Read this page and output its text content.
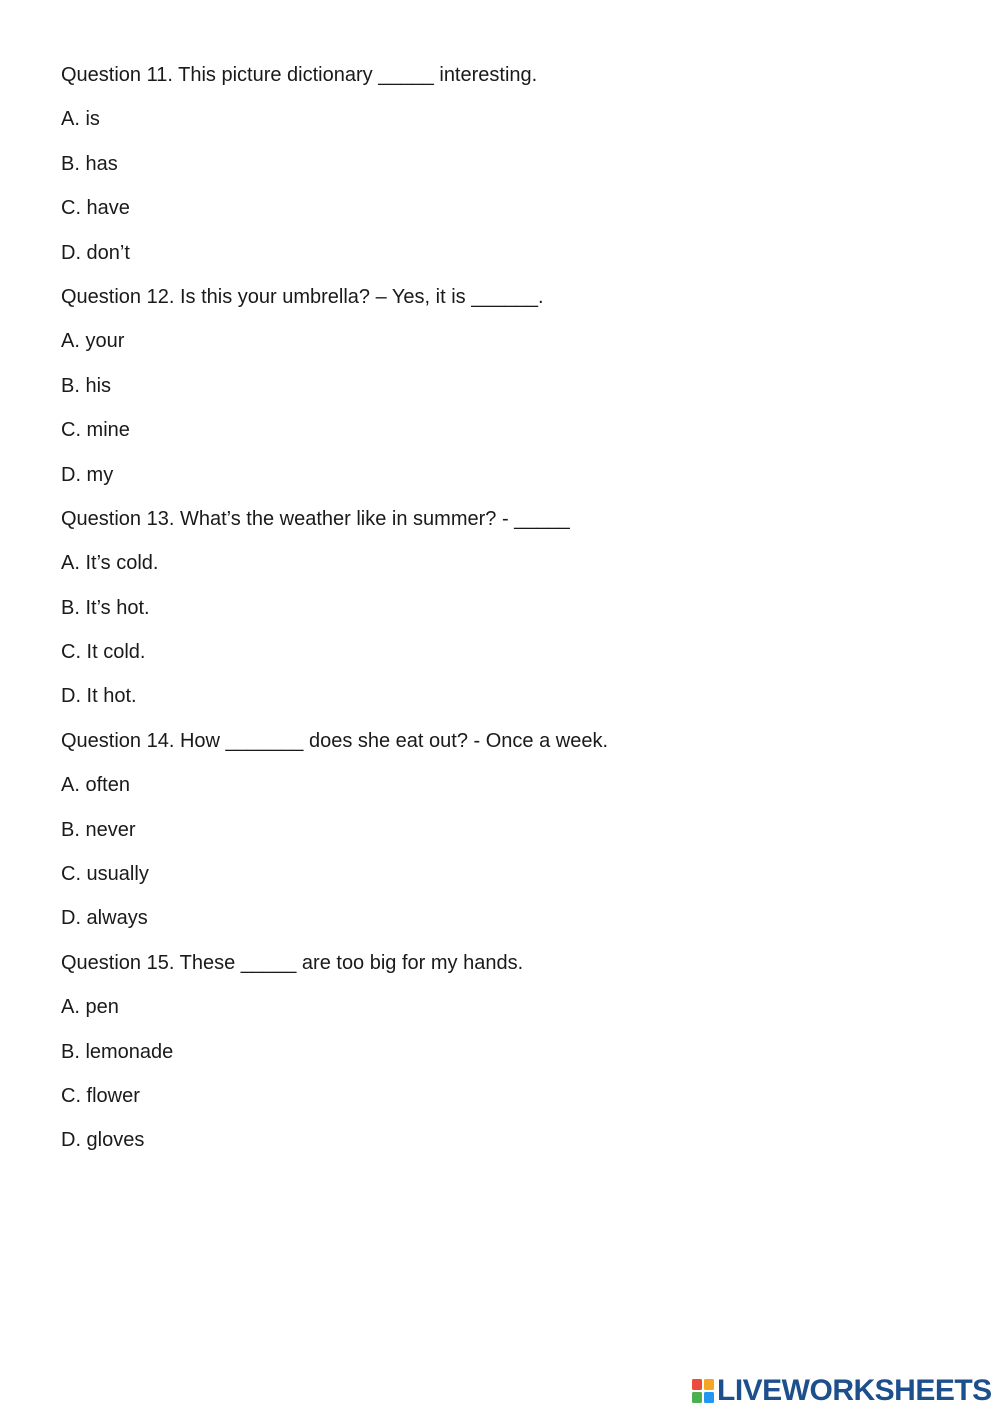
Question 11. This picture dictionary _____ interesting.
A. is
B. has
C. have
D. don’t
Question 12. Is this your umbrella? – Yes, it is ______.
A. your
B. his
C. mine
D. my
Question 13. What’s the weather like in summer? - _____
A. It’s cold.
B. It’s hot.
C. It cold.
D. It hot.
Question 14. How _______ does she eat out? - Once a week.
A. often
B. never
C. usually
D. always
Question 15. These _____ are too big for my hands.
A. pen
B. lemonade
C. flower
D. gloves
LIVEWORKSHEETS
